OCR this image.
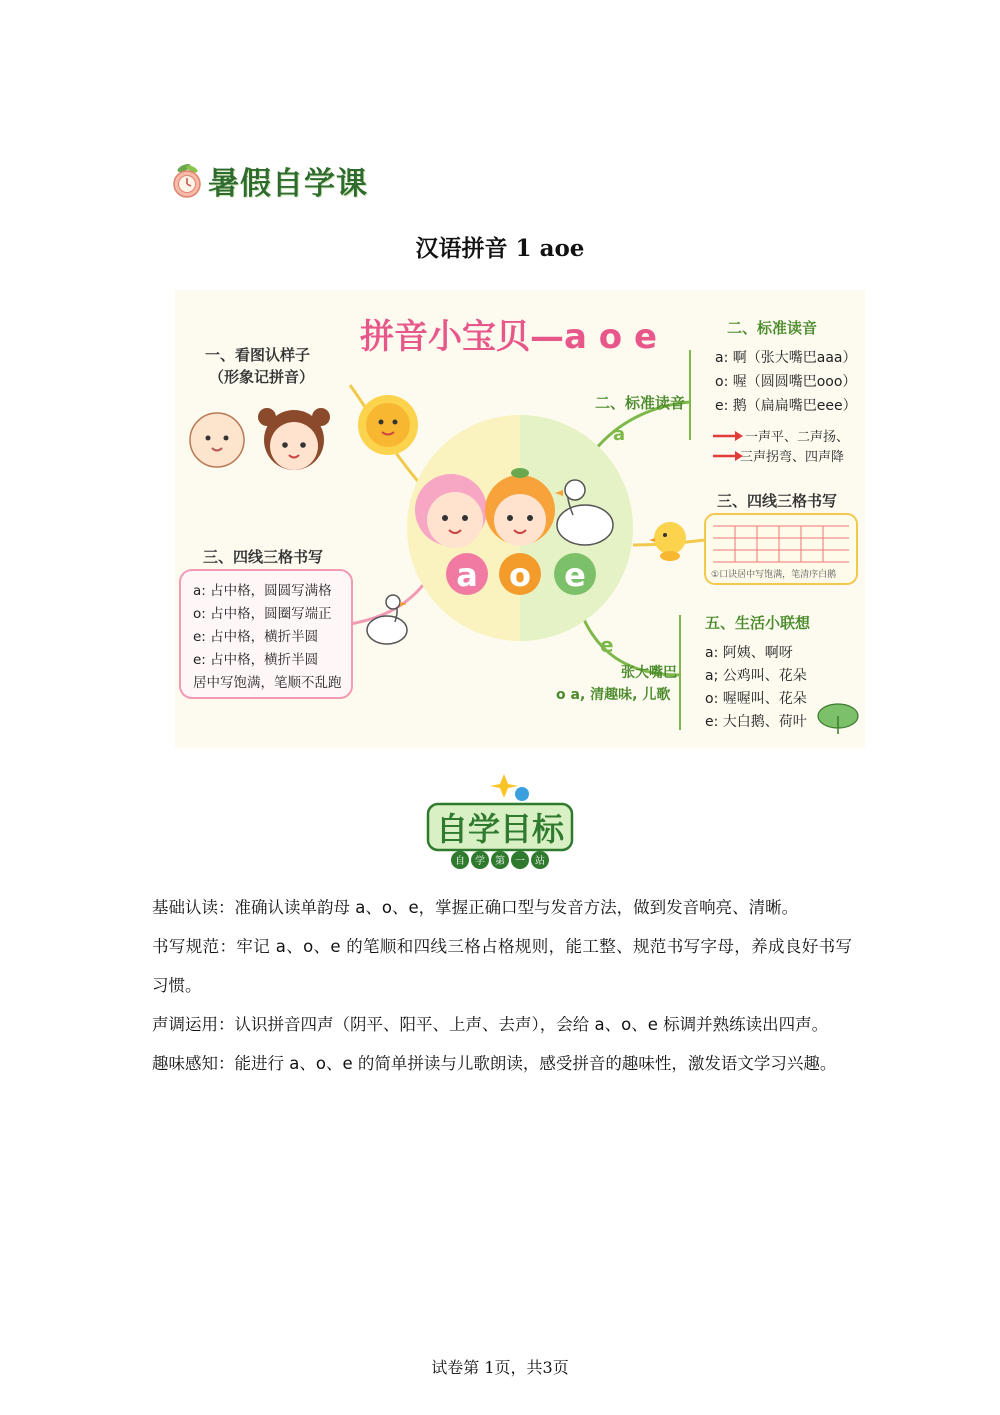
暑假自学课
汉语拼音 1 aoe
拼音小宝贝—a o e
a o e
一、看图认样子
（形象记拼音）
二、标准读音
a
二、标准读音
a: 啊（张大嘴巴aaa）
o: 喔（圆圆嘴巴ooo）
e: 鹅（扁扁嘴巴eee）
一声平、二声扬、
三声拐弯、四声降
三、四线三格书写
①口诀居中写饱满，笔清序白鹅
三、四线三格书写
a: 占中格，圆圆写满格
o: 占中格，圆圈写端正
e: 占中格，横折半圆
e: 占中格，横折半圆
居中写饱满，笔顺不乱跑
e
张大嘴巴
o a, 清趣味, 儿歌
五、生活小联想
a: 阿姨、啊呀
a; 公鸡叫、花朵
o: 喔喔叫、花朵
e: 大白鹅、荷叶
自学目标
自 学 第 一 站

基础认读：准确认读单韵母 a、o、e，掌握正确口型与发音方法，做到发音响亮、清晰。

书写规范：牢记 a、o、e 的笔顺和四线三格占格规则，能工整、规范书写字母，养成良好书写习惯。

声调运用：认识拼音四声（阴平、阳平、上声、去声），会给 a、o、e 标调并熟练读出四声。

趣味感知：能进行 a、o、e 的简单拼读与儿歌朗读，感受拼音的趣味性，激发语文学习兴趣。

试卷第 1页，共3页
